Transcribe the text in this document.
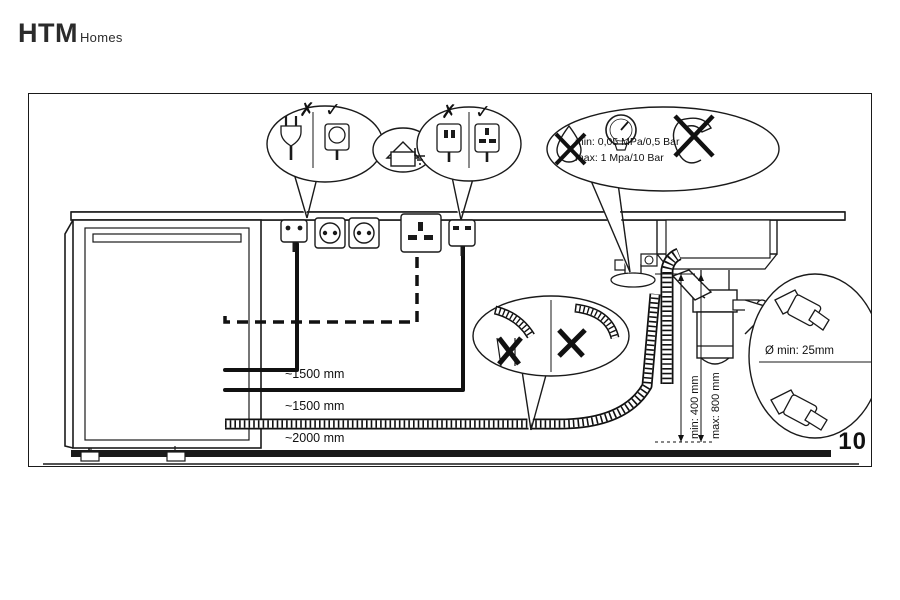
HTM Homes
✗ ✓	✗ ✓
min: 0,05 MPa/0,5 Bar
max: 1 Mpa/10 Bar
Ø min: 25mm
~1500 mm
~1500 mm
~2000 mm	min: 400 mm max: 800 mm
10
